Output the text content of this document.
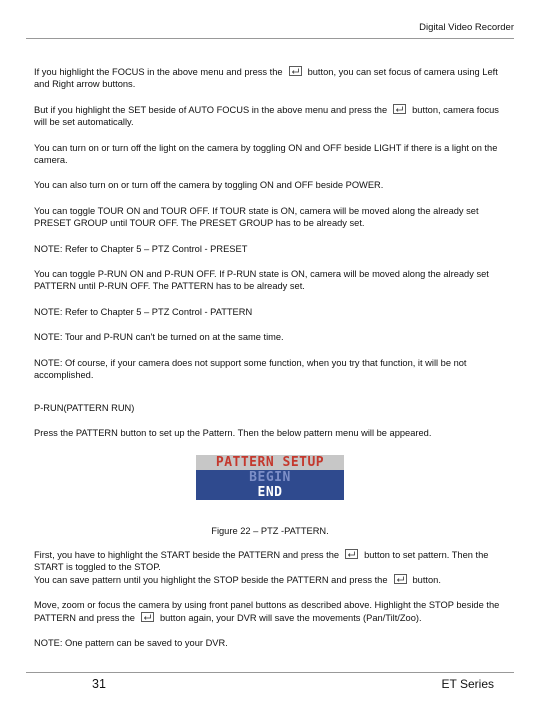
Digital Video Recorder

If you highlight the FOCUS in the above menu and press the	button, you can set focus of camera using Left and Right arrow buttons.

But if you highlight the SET beside of AUTO FOCUS in the above menu and press the	button, camera focus will be set automatically.

You can turn on or turn off the light on the camera by toggling ON and OFF beside LIGHT if there is a light on the camera.

You can also turn on or turn off the camera by toggling ON and OFF beside POWER.

You can toggle TOUR ON and TOUR OFF. If TOUR state is ON, camera will be moved along the already set PRESET GROUP until TOUR OFF. The PRESET GROUP has to be already set.

NOTE: Refer to Chapter 5 – PTZ Control - PRESET

You can toggle P-RUN ON and P-RUN OFF. If P-RUN state is ON, camera will be moved along the already set PATTERN until P-RUN OFF. The PATTERN has to be already set.

NOTE: Refer to Chapter 5 – PTZ Control - PATTERN

NOTE: Tour and P-RUN can't be turned on at the same time.

NOTE: Of course, if your camera does not support some function, when you try that function, it will be not accomplished.

P-RUN(PATTERN RUN)

Press the PATTERN button to set up the Pattern. Then the below pattern menu will be appeared.

PATTERN SETUP
BEGIN
END
Figure 22 – PTZ -PATTERN.

First, you have to highlight the START beside the PATTERN and press the	button to set pattern. Then the START is toggled to the STOP.
You can save pattern until you highlight the STOP beside the PATTERN and press the	button.

Move, zoom or focus the camera by using front panel buttons as described above. Highlight the STOP beside the PATTERN and press the	button again, your DVR will save the movements (Pan/Tilt/Zoo).

NOTE: One pattern can be saved to your DVR.

31	ET Series
